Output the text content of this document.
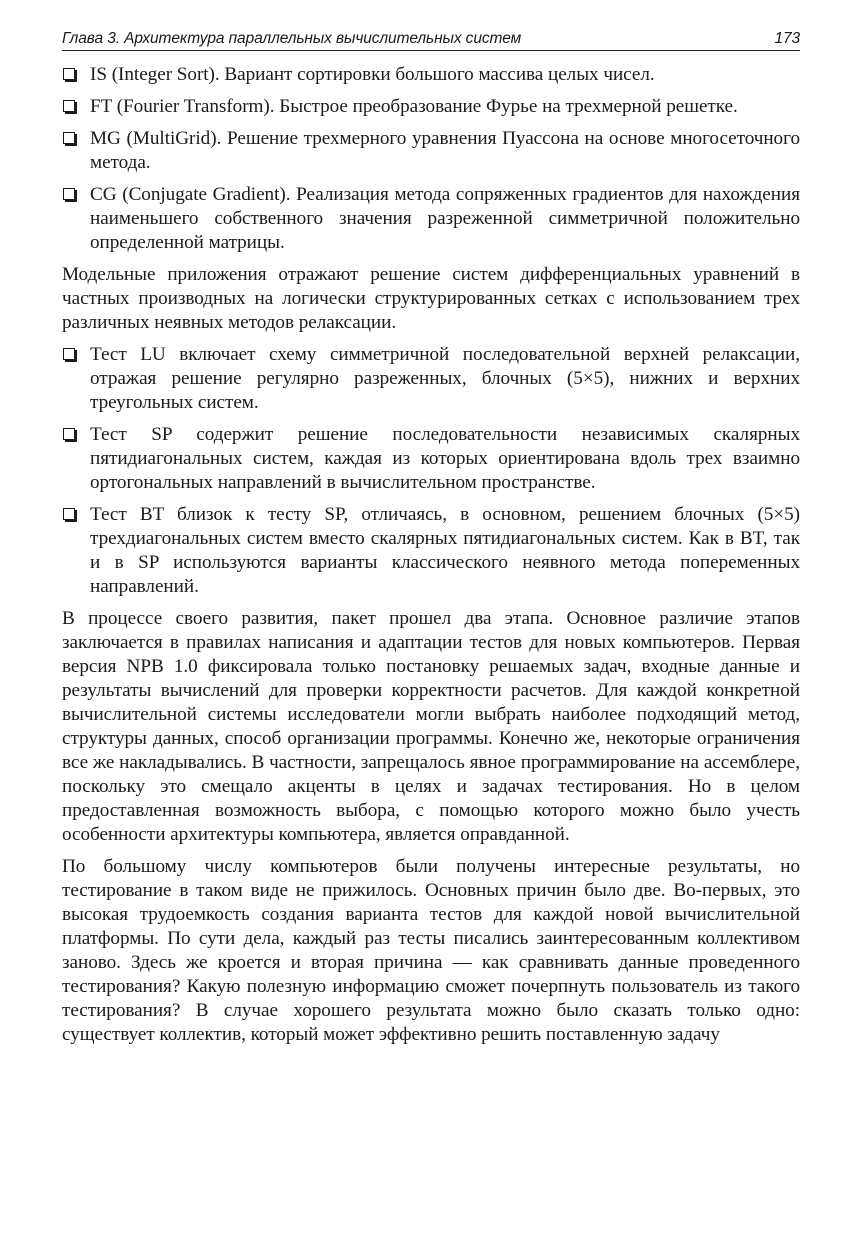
Глава 3. Архитектура параллельных вычислительных систем	173
IS (Integer Sort). Вариант сортировки большого массива целых чисел.
FT (Fourier Transform). Быстрое преобразование Фурье на трехмерной решетке.
MG (MultiGrid). Решение трехмерного уравнения Пуассона на основе многосеточного метода.
CG (Conjugate Gradient). Реализация метода сопряженных градиентов для нахождения наименьшего собственного значения разреженной симметричной положительно определенной матрицы.

Модельные приложения отражают решение систем дифференциальных уравнений в частных производных на логически структурированных сетках с использованием трех различных неявных методов релаксации.

Тест LU включает схему симметричной последовательной верхней релаксации, отражая решение регулярно разреженных, блочных (5×5), нижних и верхних треугольных систем.
Тест SP содержит решение последовательности независимых скалярных пятидиагональных систем, каждая из которых ориентирована вдоль трех взаимно ортогональных направлений в вычислительном пространстве.
Тест BT близок к тесту SP, отличаясь, в основном, решением блочных (5×5) трехдиагональных систем вместо скалярных пятидиагональных систем. Как в BT, так и в SP используются варианты классического неявного метода попеременных направлений.

В процессе своего развития, пакет прошел два этапа. Основное различие этапов заключается в правилах написания и адаптации тестов для новых компьютеров. Первая версия NPB 1.0 фиксировала только постановку решаемых задач, входные данные и результаты вычислений для проверки корректности расчетов. Для каждой конкретной вычислительной системы исследователи могли выбрать наиболее подходящий метод, структуры данных, способ организации программы. Конечно же, некоторые ограничения все же накладывались. В частности, запрещалось явное программирование на ассемблере, поскольку это смещало акценты в целях и задачах тестирования. Но в целом предоставленная возможность выбора, с помощью которого можно было учесть особенности архитектуры компьютера, является оправданной.

По большому числу компьютеров были получены интересные результаты, но тестирование в таком виде не прижилось. Основных причин было две. Во-первых, это высокая трудоемкость создания варианта тестов для каждой новой вычислительной платформы. По сути дела, каждый раз тесты писались заинтересованным коллективом заново. Здесь же кроется и вторая причина — как сравнивать данные проведенного тестирования? Какую полезную информацию сможет почерпнуть пользователь из такого тестирования? В случае хорошего результата можно было сказать только одно: существует коллектив, который может эффективно решить поставленную задачу
